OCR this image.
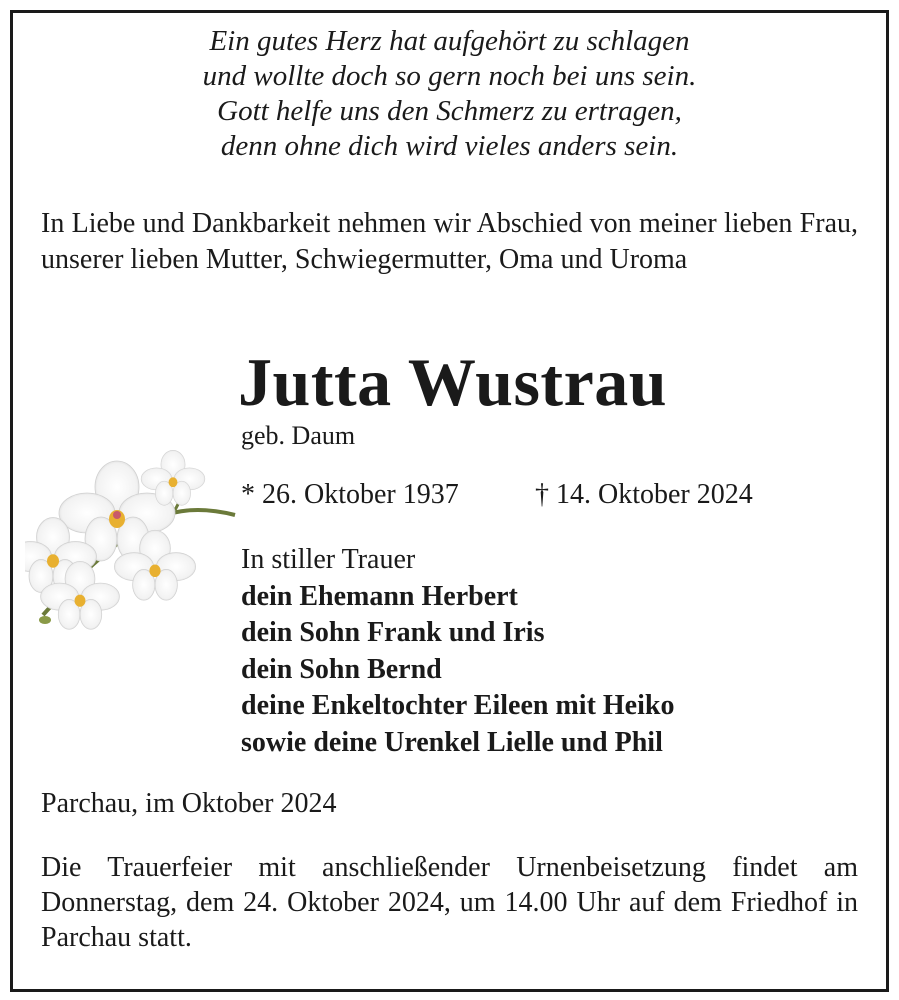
Ein gutes Herz hat aufgehört zu schlagen
und wollte doch so gern noch bei uns sein.
Gott helfe uns den Schmerz zu ertragen,
denn ohne dich wird vieles anders sein.
In Liebe und Dankbarkeit nehmen wir Abschied von meiner lieben Frau, unserer lieben Mutter, Schwiegermutter, Oma und Uroma
Jutta Wustrau
geb. Daum
* 26. Oktober 1937	† 14. Oktober 2024
In stiller Trauer
dein Ehemann Herbert
dein Sohn Frank und Iris
dein Sohn Bernd
deine Enkeltochter Eileen mit Heiko
sowie deine Urenkel Lielle und Phil
Parchau, im Oktober 2024
Die Trauerfeier mit anschließender Urnenbeisetzung findet am Donnerstag, dem 24. Oktober 2024, um 14.00 Uhr auf dem Friedhof in Parchau statt.
